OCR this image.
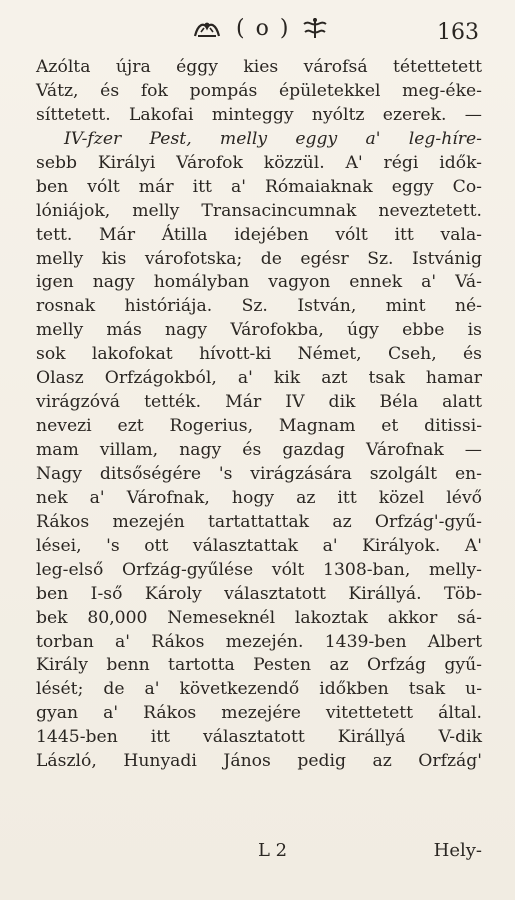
( o )	163
Azólta újra éggy kies várofsá tétettetett
Vátz, és fok pompás épületekkel meg-éke-
síttetett. Lakofai minteggy nyóltz ezerek. —
IV-fzer Pest, melly eggy a' leg-híre-
sebb Királyi Várofok közzül. A' régi idők-
ben vólt már itt a' Rómaiaknak eggy Co-
lóniájok, melly Transacincumnak neveztetett.
tett. Már Átilla idejében vólt itt vala-
melly kis várofotska; de egésr Sz. Istvánig
igen nagy homályban vagyon ennek a' Vá-
rosnak históriája. Sz. István, mint né-
melly más nagy Várofokba, úgy ebbe is
sok lakofokat hívott-ki Német, Cseh, és
Olasz Orfzágokból, a' kik azt tsak hamar
virágzóvá tették. Már IV dik Béla alatt
nevezi ezt Rogerius, Magnam et ditissi-
mam villam, nagy és gazdag Várofnak —
Nagy ditsőségére 's virágzására szolgált en-
nek a' Várofnak, hogy az itt közel lévő
Rákos mezején tartattattak az Orfzág'-gyű-
lései, 's ott választattak a' Királyok. A'
leg-első Orfzág-gyűlése vólt 1308-ban, melly-
ben I-ső Károly választatott Királlyá. Töb-
bek 80,000 Nemeseknél lakoztak akkor sá-
torban a' Rákos mezején. 1439-ben Albert
Király benn tartotta Pesten az Orfzág gyű-
lését; de a' következendő időkben tsak u-
gyan a' Rákos mezejére vitettetett által.
1445-ben itt választatott Királlyá V-dik
László, Hunyadi János pedig az Orfzág'
L 2	Hely-
